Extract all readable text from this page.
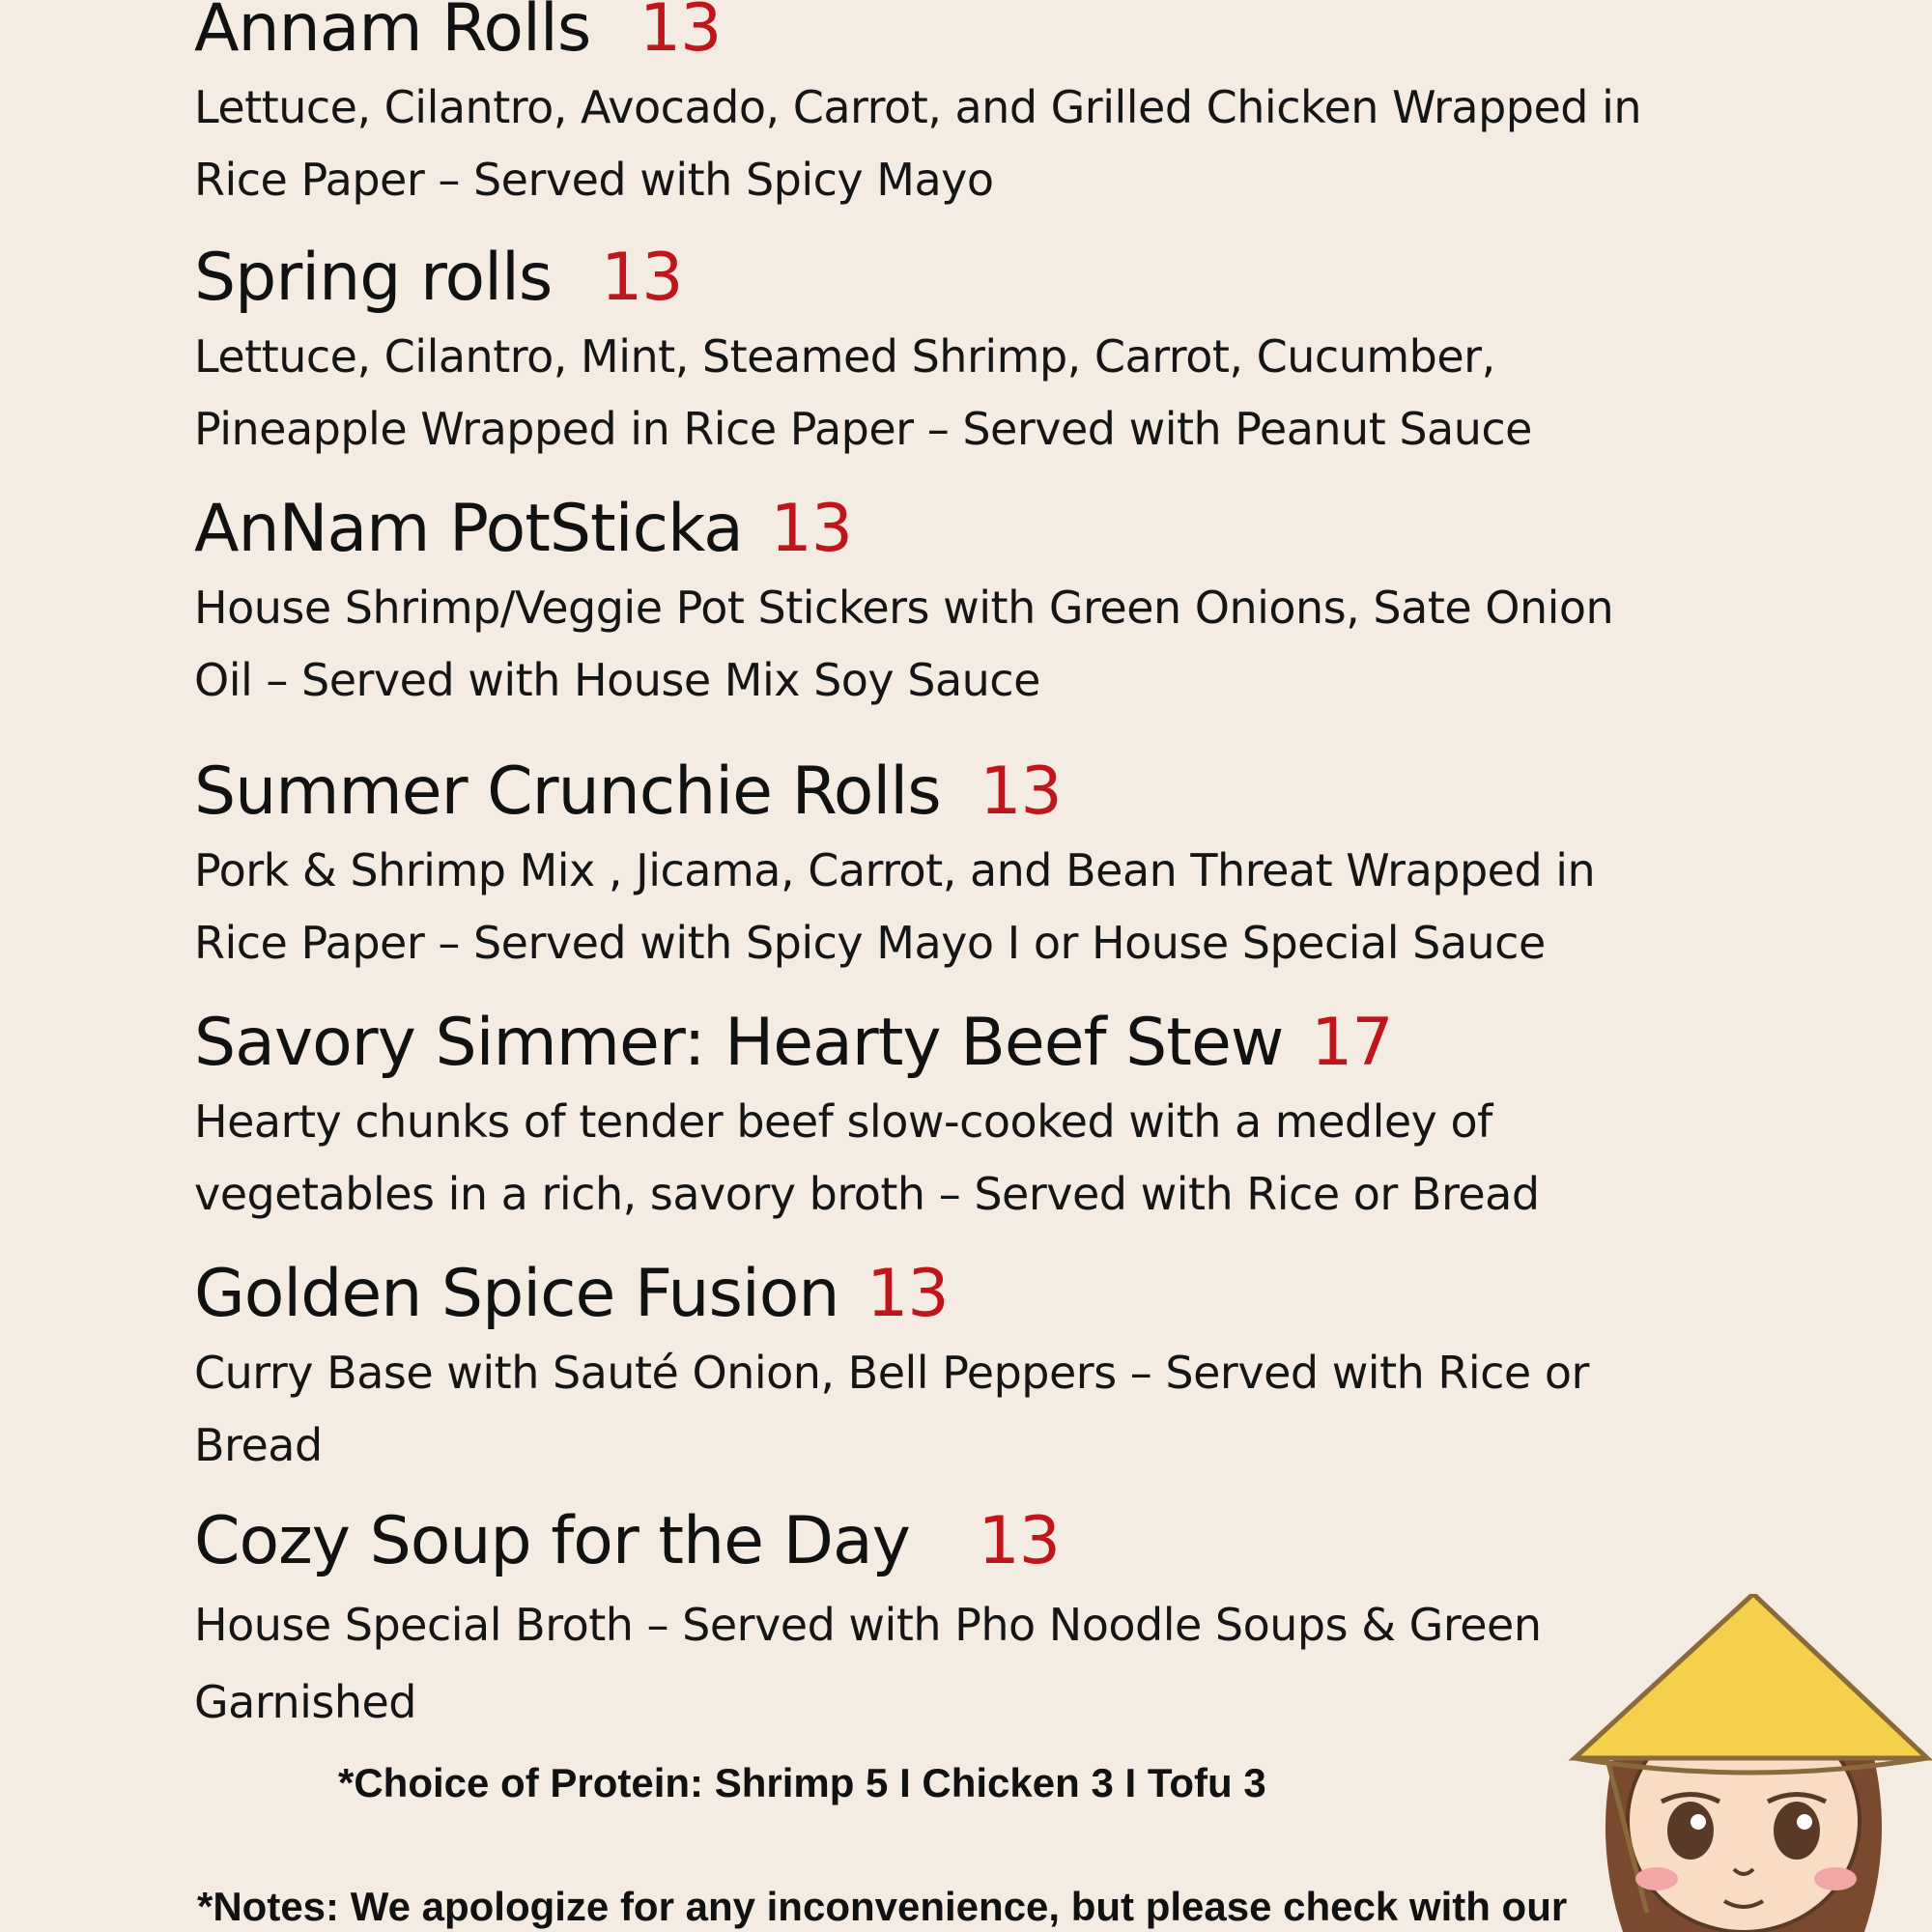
Annam Rolls 13
Lettuce, Cilantro, Avocado, Carrot, and Grilled Chicken Wrapped in
Rice Paper – Served with Spicy Mayo
Spring rolls 13
Lettuce, Cilantro, Mint, Steamed Shrimp, Carrot, Cucumber,
Pineapple Wrapped in Rice Paper – Served with Peanut Sauce
AnNam PotSticka 13
House Shrimp/Veggie Pot Stickers with Green Onions, Sate Onion
Oil – Served with House Mix Soy Sauce
Summer Crunchie Rolls 13
Pork & Shrimp Mix , Jicama, Carrot, and Bean Threat Wrapped in
Rice Paper – Served with Spicy Mayo I or House Special Sauce
Savory Simmer: Hearty Beef Stew 17
Hearty chunks of tender beef slow-cooked with a medley of
vegetables in a rich, savory broth – Served with Rice or Bread
Golden Spice Fusion 13
Curry Base with Sauté Onion, Bell Peppers – Served with Rice or
Bread
Cozy Soup for the Day 13
House Special Broth – Served with Pho Noodle Soups & Green
Garnished
*Choice of Protein: Shrimp 5 I Chicken 3 I Tofu 3
*Notes: We apologize for any inconvenience, but please check with our
